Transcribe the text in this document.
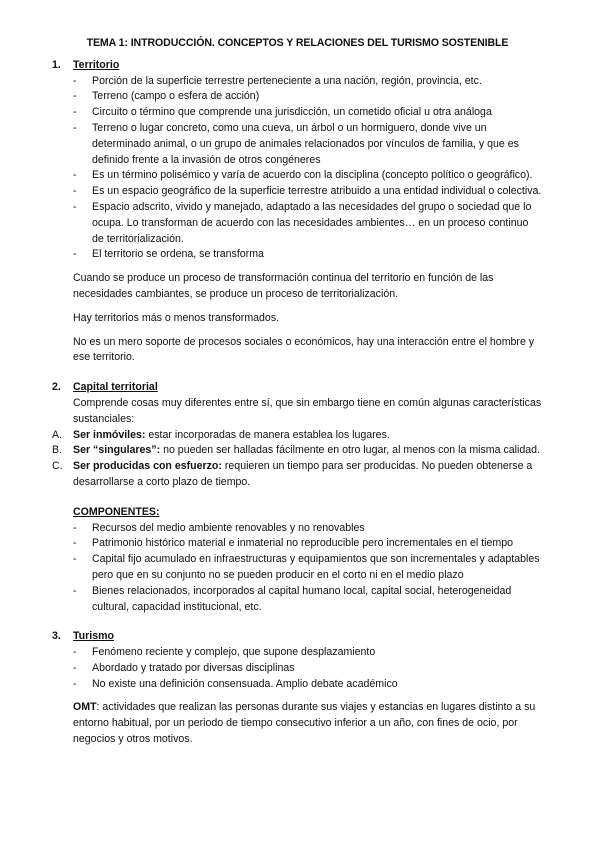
TEMA 1: INTRODUCCIÓN. CONCEPTOS Y RELACIONES DEL TURISMO SOSTENIBLE
1.	Territorio
-	Porción de la superficie terrestre perteneciente a una nación, región, provincia, etc.
-	Terreno (campo o esfera de acción)
-	Circuito o término que comprende una jurisdicción, un cometido oficial u otra análoga
-	Terreno o lugar concreto, como una cueva, un árbol o un hormiguero, donde vive un determinado animal, o un grupo de animales relacionados por vínculos de familia, y que es definido frente a la invasión de otros congéneres
-	Es un término polisémico y varía de acuerdo con la disciplina (concepto político o geográfico).
-	Es un espacio geográfico de la superficie terrestre atribuido a una entidad individual o colectiva.
-	Espacio adscrito, vivido y manejado, adaptado a las necesidades del grupo o sociedad que lo ocupa. Lo transforman de acuerdo con las necesidades ambientes… en un proceso continuo de territorialización.
-	El territorio se ordena, se transforma

Cuando se produce un proceso de transformación continua del territorio en función de las necesidades cambiantes, se produce un proceso de territorialización.

Hay territorios más o menos transformados.

No es un mero soporte de procesos sociales o económicos, hay una interacción entre el hombre y ese territorio.

2.	Capital territorial

Comprende cosas muy diferentes entre sí, que sin embargo tiene en común algunas características sustanciales:

A.	Ser inmóviles: estar incorporadas de manera establea los lugares.
B.	Ser “singulares”: no pueden ser halladas fácilmente en otro lugar, al menos con la misma calidad.
C. Ser producidas con esfuerzo: requieren un tiempo para ser producidas. No pueden obtenerse a desarrollarse a corto plazo de tiempo.

COMPONENTES:

-	Recursos del medio ambiente renovables y no renovables
-	Patrimonio histórico material e inmaterial no reproducible pero incrementales en el tiempo
-	Capital fijo acumulado en infraestructuras y equipamientos que son incrementales y adaptables pero que en su conjunto no se pueden producir en el corto ni en el medio plazo
-	Bienes relacionados, incorporados al capital humano local, capital social, heterogeneidad cultural, capacidad institucional, etc.
3.	Turismo
-	Fenómeno reciente y complejo, que supone desplazamiento
-	Abordado y tratado por diversas disciplinas
-	No existe una definición consensuada. Amplio debate académico

OMT: actividades que realizan las personas durante sus viajes y estancias en lugares distinto a su entorno habitual, por un periodo de tiempo consecutivo inferior a un año, con fines de ocio, por negocios y otros motivos.
